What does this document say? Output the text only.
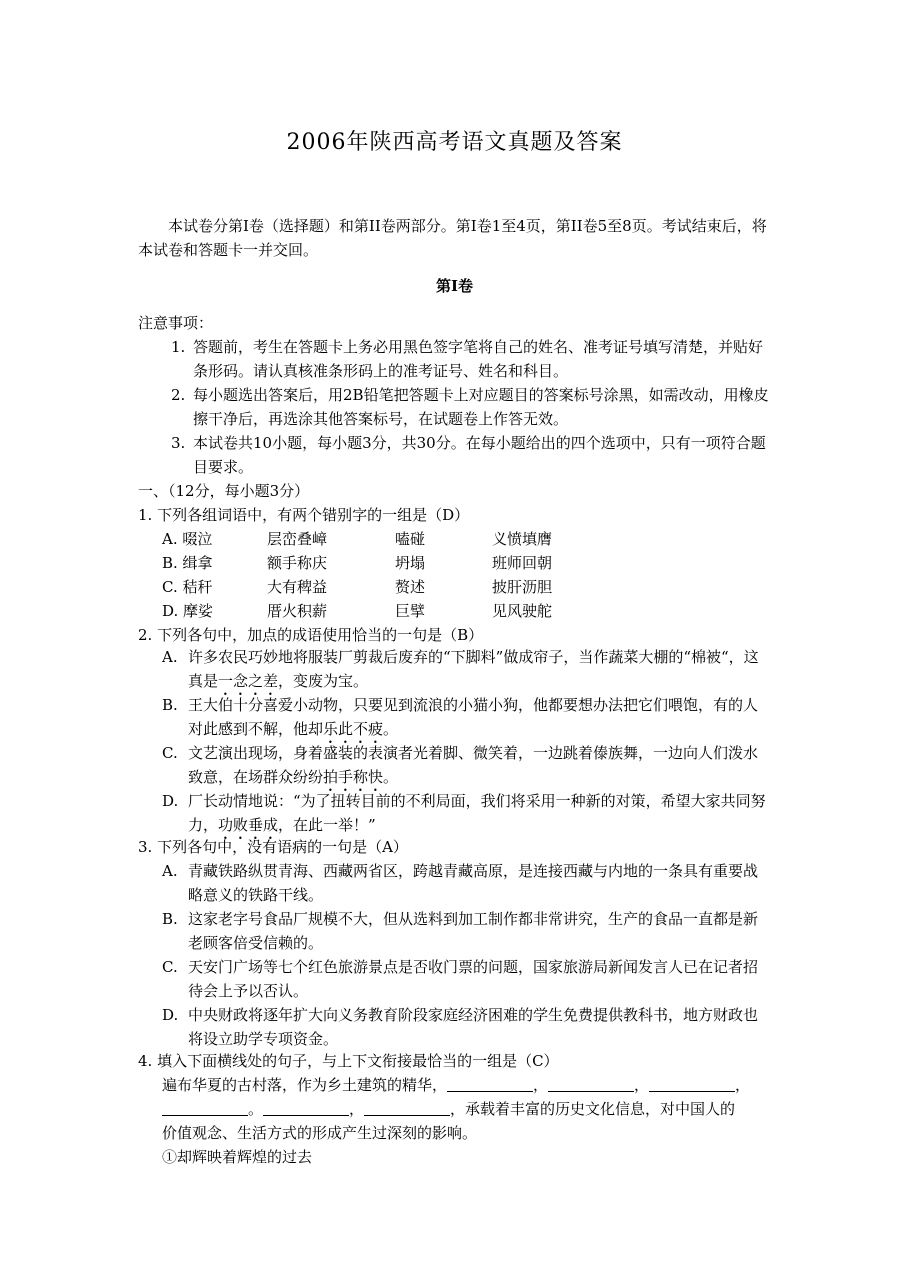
2006年陕西高考语文真题及答案
本试卷分第Ⅰ卷（选择题）和第II卷两部分。第Ⅰ卷1至4页，第II卷5至8页。考试结束后，将本试卷和答题卡一并交回。
第Ⅰ卷
注意事项：
1. 答题前，考生在答题卡上务必用黑色签字笔将自己的姓名、准考证号填写清楚，并贴好条形码。请认真核准条形码上的准考证号、姓名和科目。
2. 每小题选出答案后，用2B铅笔把答题卡上对应题目的答案标号涂黑，如需改动，用橡皮擦干净后，再选涂其他答案标号，在试题卷上作答无效。
3. 本试卷共10小题，每小题3分，共30分。在每小题给出的四个选项中，只有一项符合题目要求。
一、（12分，每小题3分）
1. 下列各组词语中，有两个错别字的一组是（D）
A. 啜泣	层峦叠嶂	嗑碰	义愤填膺
B. 缉拿	额手称庆	坍塌	班师回朝
C. 秸秆	大有稗益	赘述	披肝沥胆
D. 摩娑	厝火积薪	巨擘	见风驶舵
2. 下列各句中，加点的成语使用恰当的一句是（B）
A. 许多农民巧妙地将服装厂剪裁后废弃的“下脚料”做成帘子，当作蔬菜大棚的“棉被“，这真是一念之差，变废为宝。
B. 王大伯十分喜爱小动物，只要见到流浪的小猫小狗，他都要想办法把它们喂饱，有的人对此感到不解，他却乐此不疲。
C. 文艺演出现场，身着盛装的表演者光着脚、微笑着，一边跳着傣族舞，一边向人们泼水致意，在场群众纷纷拍手称快。
D. 厂长动情地说：“为了扭转目前的不利局面，我们将采用一种新的对策，希望大家共同努力，功败垂成，在此一举！”
3. 下列各句中，没有语病的一句是（A）
A. 青藏铁路纵贯青海、西藏两省区，跨越青藏高原，是连接西藏与内地的一条具有重要战略意义的铁路干线。
B. 这家老字号食品厂规模不大，但从选料到加工制作都非常讲究，生产的食品一直都是新老顾客倍受信赖的。
C. 天安门广场等七个红色旅游景点是否收门票的问题，国家旅游局新闻发言人已在记者招待会上予以否认。
D. 中央财政将逐年扩大向义务教育阶段家庭经济困难的学生免费提供教科书，地方财政也将设立助学专项资金。
4. 填入下面横线处的句子，与上下文衔接最恰当的一组是（C）
遍布华夏的古村落，作为乡土建筑的精华，	，	，	，
。	，	，承载着丰富的历史文化信息，对中国人的
价值观念、生活方式的形成产生过深刻的影响。
①却辉映着辉煌的过去
